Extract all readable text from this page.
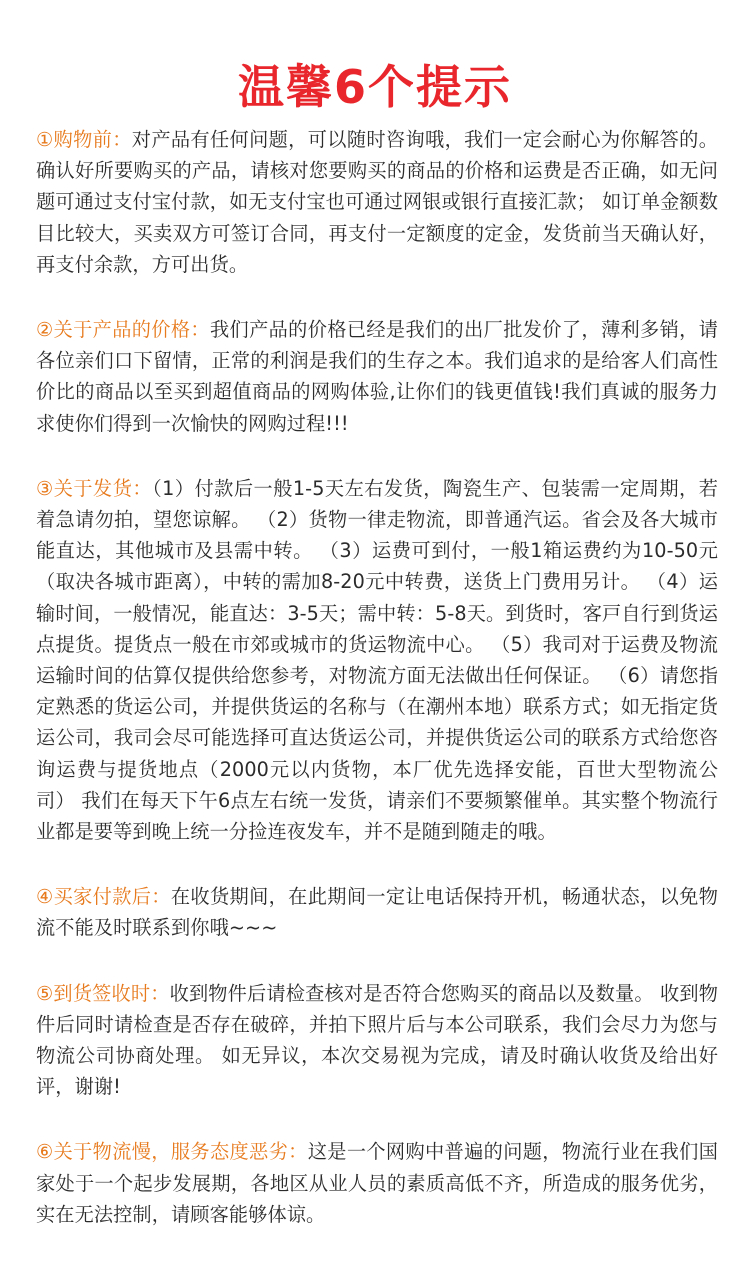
温馨6个提示

①购物前：对产品有任何问题，可以随时咨询哦，我们一定会耐心为你解答的。 确认好所要购买的产品，请核对您要购买的商品的价格和运费是否正确，如无问题可通过支付宝付款，如无支付宝也可通过网银或银行直接汇款； 如订单金额数目比较大，买卖双方可签订合同，再支付一定额度的定金，发货前当天确认好，再支付余款，方可出货。

②关于产品的价格：我们产品的价格已经是我们的出厂批发价了，薄利多销，请各位亲们口下留情，正常的利润是我们的生存之本。我们追求的是给客人们高性价比的商品以至买到超值商品的网购体验,让你们的钱更值钱!我们真诚的服务力求使你们得到一次愉快的网购过程!!!

③关于发货：（1）付款后一般1-5天左右发货，陶瓷生产、包装需一定周期，若着急请勿拍，望您谅解。 （2）货物一律走物流，即普通汽运。省会及各大城市能直达，其他城市及县需中转。 （3）运费可到付，一般1箱运费约为10-50元（取决各城市距离），中转的需加8-20元中转费，送货上门费用另计。 （4）运输时间，一般情况，能直达：3-5天；需中转：5-8天。到货时，客戸自行到货运点提货。提货点一般在市郊或城市的货运物流中心。 （5）我司对于运费及物流运输时间的估算仅提供给您参考，对物流方面无法做出任何保证。 （6）请您指定熟悉的货运公司，并提供货运的名称与（在潮州本地）联系方式；如无指定货运公司，我司会尽可能选择可直达货运公司，并提供货运公司的联系方式给您咨询运费与提货地点（2000元以内货物，本厂优先选择安能，百世大型物流公司） 我们在每天下午6点左右统一发货，请亲们不要频繁催单。其实整个物流行业都是要等到晚上统一分捡连夜发车，并不是随到随走的哦。

④买家付款后：在收货期间，在此期间一定让电话保持开机，畅通状态，以免物流不能及时联系到你哦~~~

⑤到货签收时：收到物件后请检查核对是否符合您购买的商品以及数量。 收到物件后同时请检查是否存在破碎，并拍下照片后与本公司联系，我们会尽力为您与物流公司协商处理。 如无异议，本次交易视为完成，请及时确认收货及给出好评，谢谢!

⑥关于物流慢，服务态度恶劣：这是一个网购中普遍的问题，物流行业在我们国家处于一个起步发展期，各地区从业人员的素质高低不齐，所造成的服务优劣，实在无法控制，请顾客能够体谅。
